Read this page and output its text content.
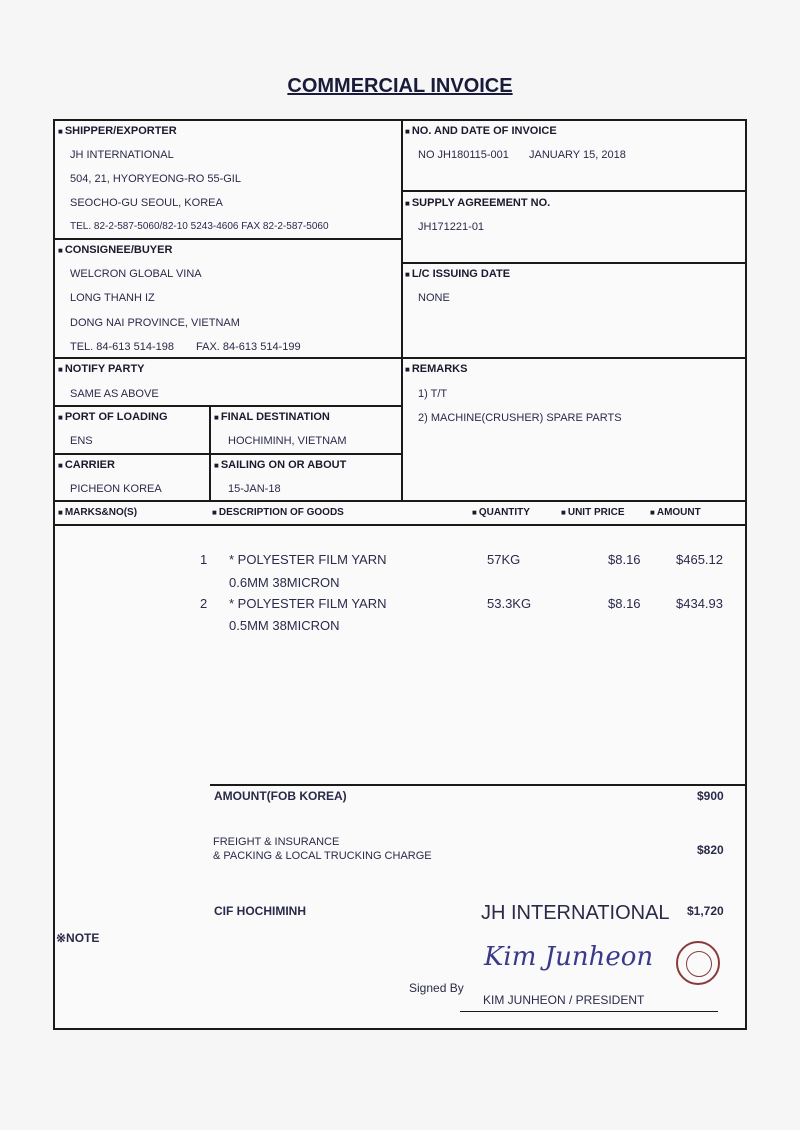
COMMERCIAL INVOICE
■ SHIPPER/EXPORTER
JH INTERNATIONAL
504, 21, HYORYEONG-RO 55-GIL
SEOCHO-GU SEOUL, KOREA
TEL. 82-2-587-5060/82-10 5243-4606 FAX 82-2-587-5060
■ NO. AND DATE OF INVOICE
NO JH180115-001 JANUARY 15, 2018
■ SUPPLY AGREEMENT NO.
JH171221-01
■ CONSIGNEE/BUYER
WELCRON GLOBAL VINA
LONG THANH IZ
DONG NAI PROVINCE, VIETNAM
TEL. 84-613 514-198 FAX. 84-613 514-199
■ L/C ISSUING DATE
NONE
■ NOTIFY PARTY
SAME AS ABOVE
■ REMARKS
1) T/T
2) MACHINE(CRUSHER) SPARE PARTS
■ PORT OF LOADING
ENS
■ FINAL DESTINATION
HOCHIMINH, VIETNAM
■ CARRIER
PICHEON KOREA
■ SAILING ON OR ABOUT
15-JAN-18
■ MARKS&NO(S)	■ DESCRIPTION OF GOODS	■ QUANTITY	■ UNIT PRICE	■ AMOUNT
1 * POLYESTER FILM YARN
0.6MM 38MICRON
57KG	$8.16	$465.12
2 * POLYESTER FILM YARN
0.5MM 38MICRON
53.3KG	$8.16	$434.93
AMOUNT(FOB KOREA)	$900
FREIGHT & INSURANCE
& PACKING & LOCAL TRUCKING CHARGE	$820
CIF HOCHIMINH	$1,720
※NOTE
JH INTERNATIONAL
Kim Junheon
Signed By
KIM JUNHEON / PRESIDENT
